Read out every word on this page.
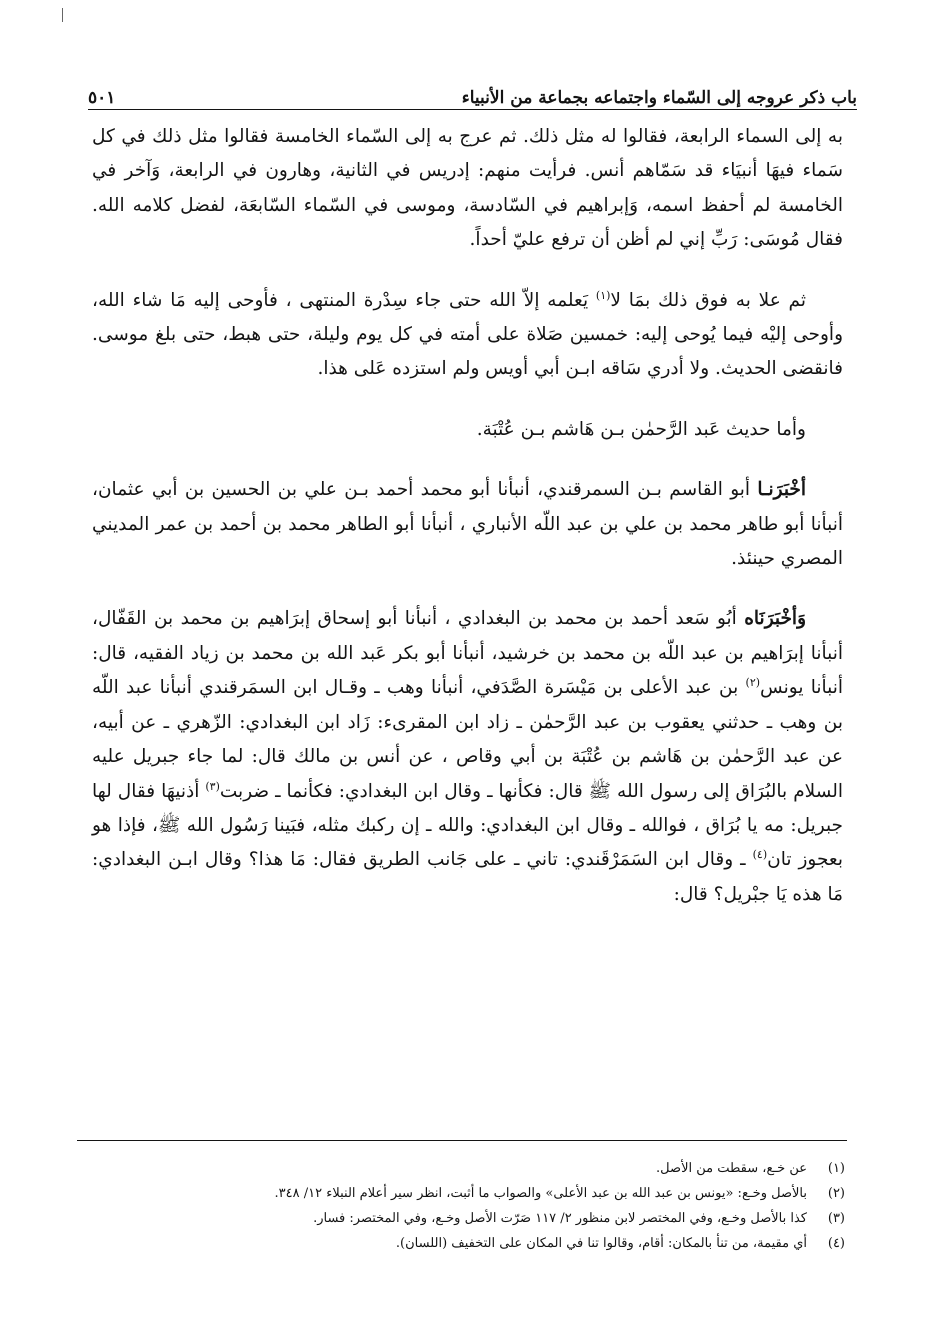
باب ذكر عروجه إلى السّماء واجتماعه بجماعة من الأنبياء
٥٠١

به إلى السماء الرابعة، فقالوا له مثل ذلك. ثم عرج به إلى السّماء الخامسة فقالوا مثل ذلك في كل سَماء فيهَا أنبيَاء قد سَمّاهم أنس. فرأيت منهم: إدريس في الثانية، وهارون في الرابعة، وَآخر في الخامسة لم أحفظ اسمه، وَإبراهيم في السّادسة، وموسى في السّماء السّابعَة، لفضل كلامه الله. فقال مُوسَى: رَبِّ إني لم أظن أن ترفع عليّ أحداً.

ثم علا به فوق ذلك بمَا لا$^{(١)}$ يَعلمه إلاّ الله حتى جاء سِدْرة المنتهى ، فأوحى إليه مَا شاء الله، وأوحى إليْه فيما يُوحى إليه: خمسين صَلاة على أمته في كل يوم وليلة، حتى هبط، حتى بلغ موسى. فانقضى الحديث. ولا أدري سَاقه ابـن أبي أويس ولم استزده عَلى هذا.

وأما حديث عَبد الرَّحمٰن بـن هَاشم بـن عُتْبَة.

أخْبَرَنـا أبو القاسم بـن السمرقندي، أنبأنا أبو محمد أحمد بـن علي بن الحسين بن أبي عثمان، أنبأنا أبو طاهر محمد بن علي بن عبد اللّه الأنباري ، أنبأنا أبو الطاهر محمد بن أحمد بن عمر المديني المصري حينئذ.

وَأخْبَرَنَاه أبُو سَعد أحمد بن محمد بن البغدادي ، أنبأنا أبو إسحاق إبرَاهيم بن محمد بن القَفّال، أنبأنا إبرَاهيم بن عبد اللّه بن محمد بن خرشيد، أنبأنا أبو بكر عَبد الله بن محمد بن زياد الفقيه، قال: أنبأنا يونس$^{(٢)}$ بن عبد الأعلى بن مَيْسَرة الصَّدَفي، أنبأنا وهب ـ وقـال ابن السمَرقندي أنبأنا عبد اللّه بن وهب ـ حدثني يعقوب بن عبد الرَّحمٰن ـ زاد ابن المقرىء: زَاد ابن البغدادي: الزّهري ـ عن أبيه، عن عبد الرَّحمٰن بن هَاشم بن عُتْبَة بن أبي وقاص ، عن أنس بن مالك قال: لما جاء جبريل عليه السلام بالبُرَاق إلى رسول الله ﷺ قال: فكأنها ـ وقال ابن البغدادي: فكأنما ـ ضربت$^{(٣)}$ أذنيهَا فقال لها جبريل: مه يا بُرَاق ، فوالله ـ وقال ابن البغدادي: والله ـ إن ركبك مثله، فبَينا رَسُول الله ﷺ، فإذا هو بعجوز تان$^{(٤)}$ ـ وقال ابن السَمَرْقَندي: تاني ـ على جَانب الطريق فقال: مَا هذا؟ وقال ابـن البغدادي: مَا هذه يَا جبْريل؟ قال:

(١)
عن خـع، سقطت من الأصل.
(٢)
بالأصل وخـع: «يونس بن عبد الله بن عبد الأعلى» والصواب ما أثبت، انظر سير أعلام النبلاء ١٢/ ٣٤٨.
(٣)
كذا بالأصل وخـع، وفي المختصر لابن منظور ٢/ ١١٧ صَرّت الأصل وخـع، وفي المختصر: فسار.
(٤)
أي مقيمة، من تنأ بالمكان: أقام، وقالوا تنا في المكان على التخفيف (اللسان).
